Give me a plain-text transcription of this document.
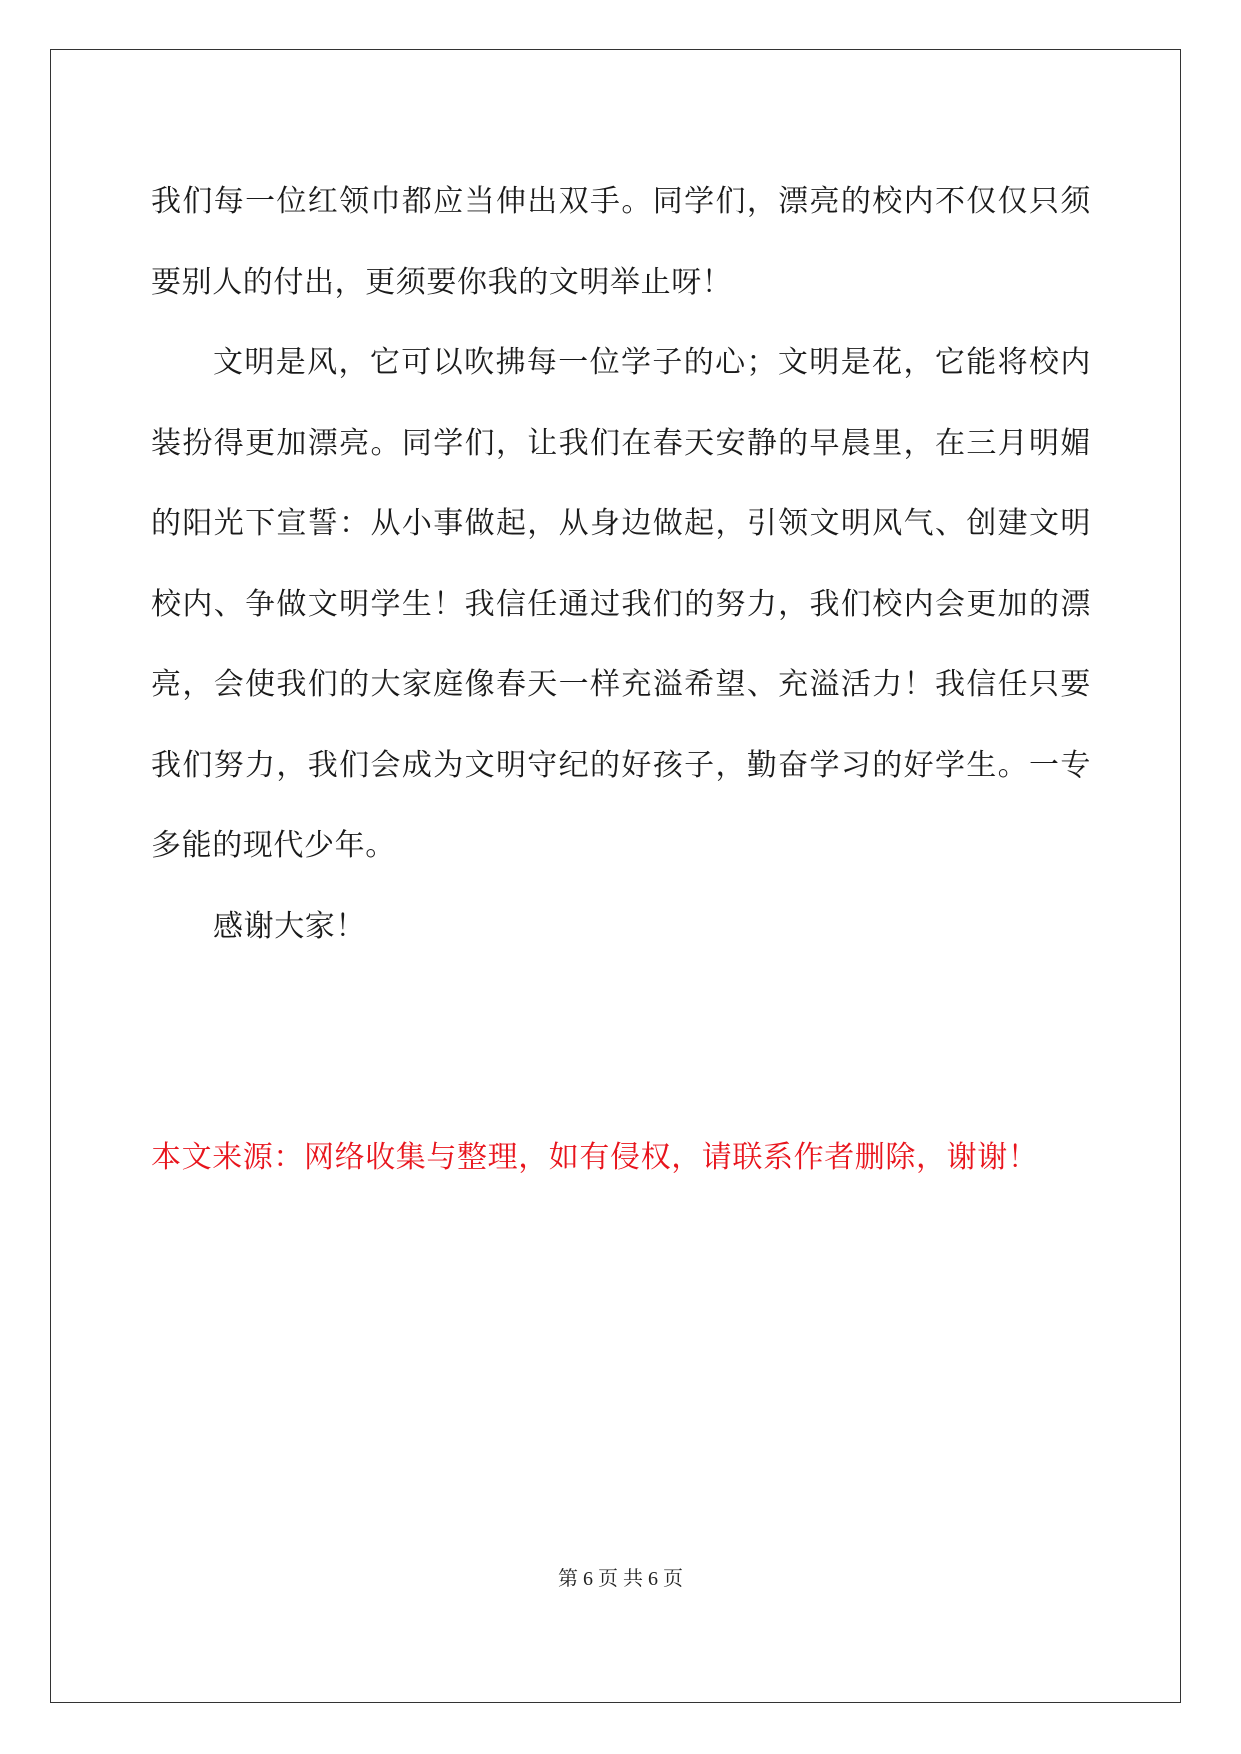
我们每一位红领巾都应当伸出双手。同学们，漂亮的校内不仅仅只须要别人的付出，更须要你我的文明举止呀！

文明是风，它可以吹拂每一位学子的心；文明是花，它能将校内装扮得更加漂亮。同学们，让我们在春天安静的早晨里，在三月明媚的阳光下宣誓：从小事做起，从身边做起，引领文明风气、创建文明校内、争做文明学生！我信任通过我们的努力，我们校内会更加的漂亮，会使我们的大家庭像春天一样充溢希望、充溢活力！我信任只要我们努力，我们会成为文明守纪的好孩子，勤奋学习的好学生。一专多能的现代少年。

感谢大家！

本文来源：网络收集与整理，如有侵权，请联系作者删除，谢谢！
第 6 页 共 6 页
